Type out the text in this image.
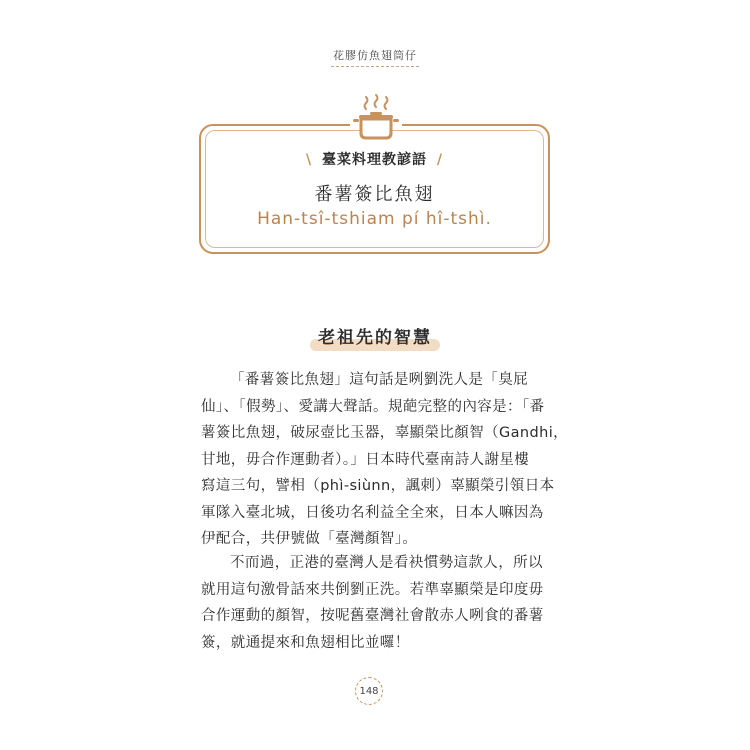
花膠仿魚翅筒仔
\ 臺菜料理教諺語 /
番薯簽比魚翅
Han-tsî-tshiam pí hî-tshì.
老祖先的智慧

「番薯簽比魚翅」這句話是咧劉洗人是「臭屁
仙」、「假勢」、愛講大聲話。規葩完整的內容是：「番
薯簽比魚翅，破尿壺比玉器，辜顯榮比顏智（Gandhi，
甘地，毋合作運動者）。」日本時代臺南詩人謝星樓
寫這三句，譬相（phì-siùnn，諷刺）辜顯榮引領日本
軍隊入臺北城，日後功名利益全全來，日本人嘛因為
伊配合，共伊號做「臺灣顏智」。

不而過，正港的臺灣人是看袂慣勢這款人，所以
就用這句激骨話來共倒劉正洗。若準辜顯榮是印度毋
合作運動的顏智，按呢舊臺灣社會散赤人咧食的番薯
簽，就通提來和魚翅相比並囉！

148
